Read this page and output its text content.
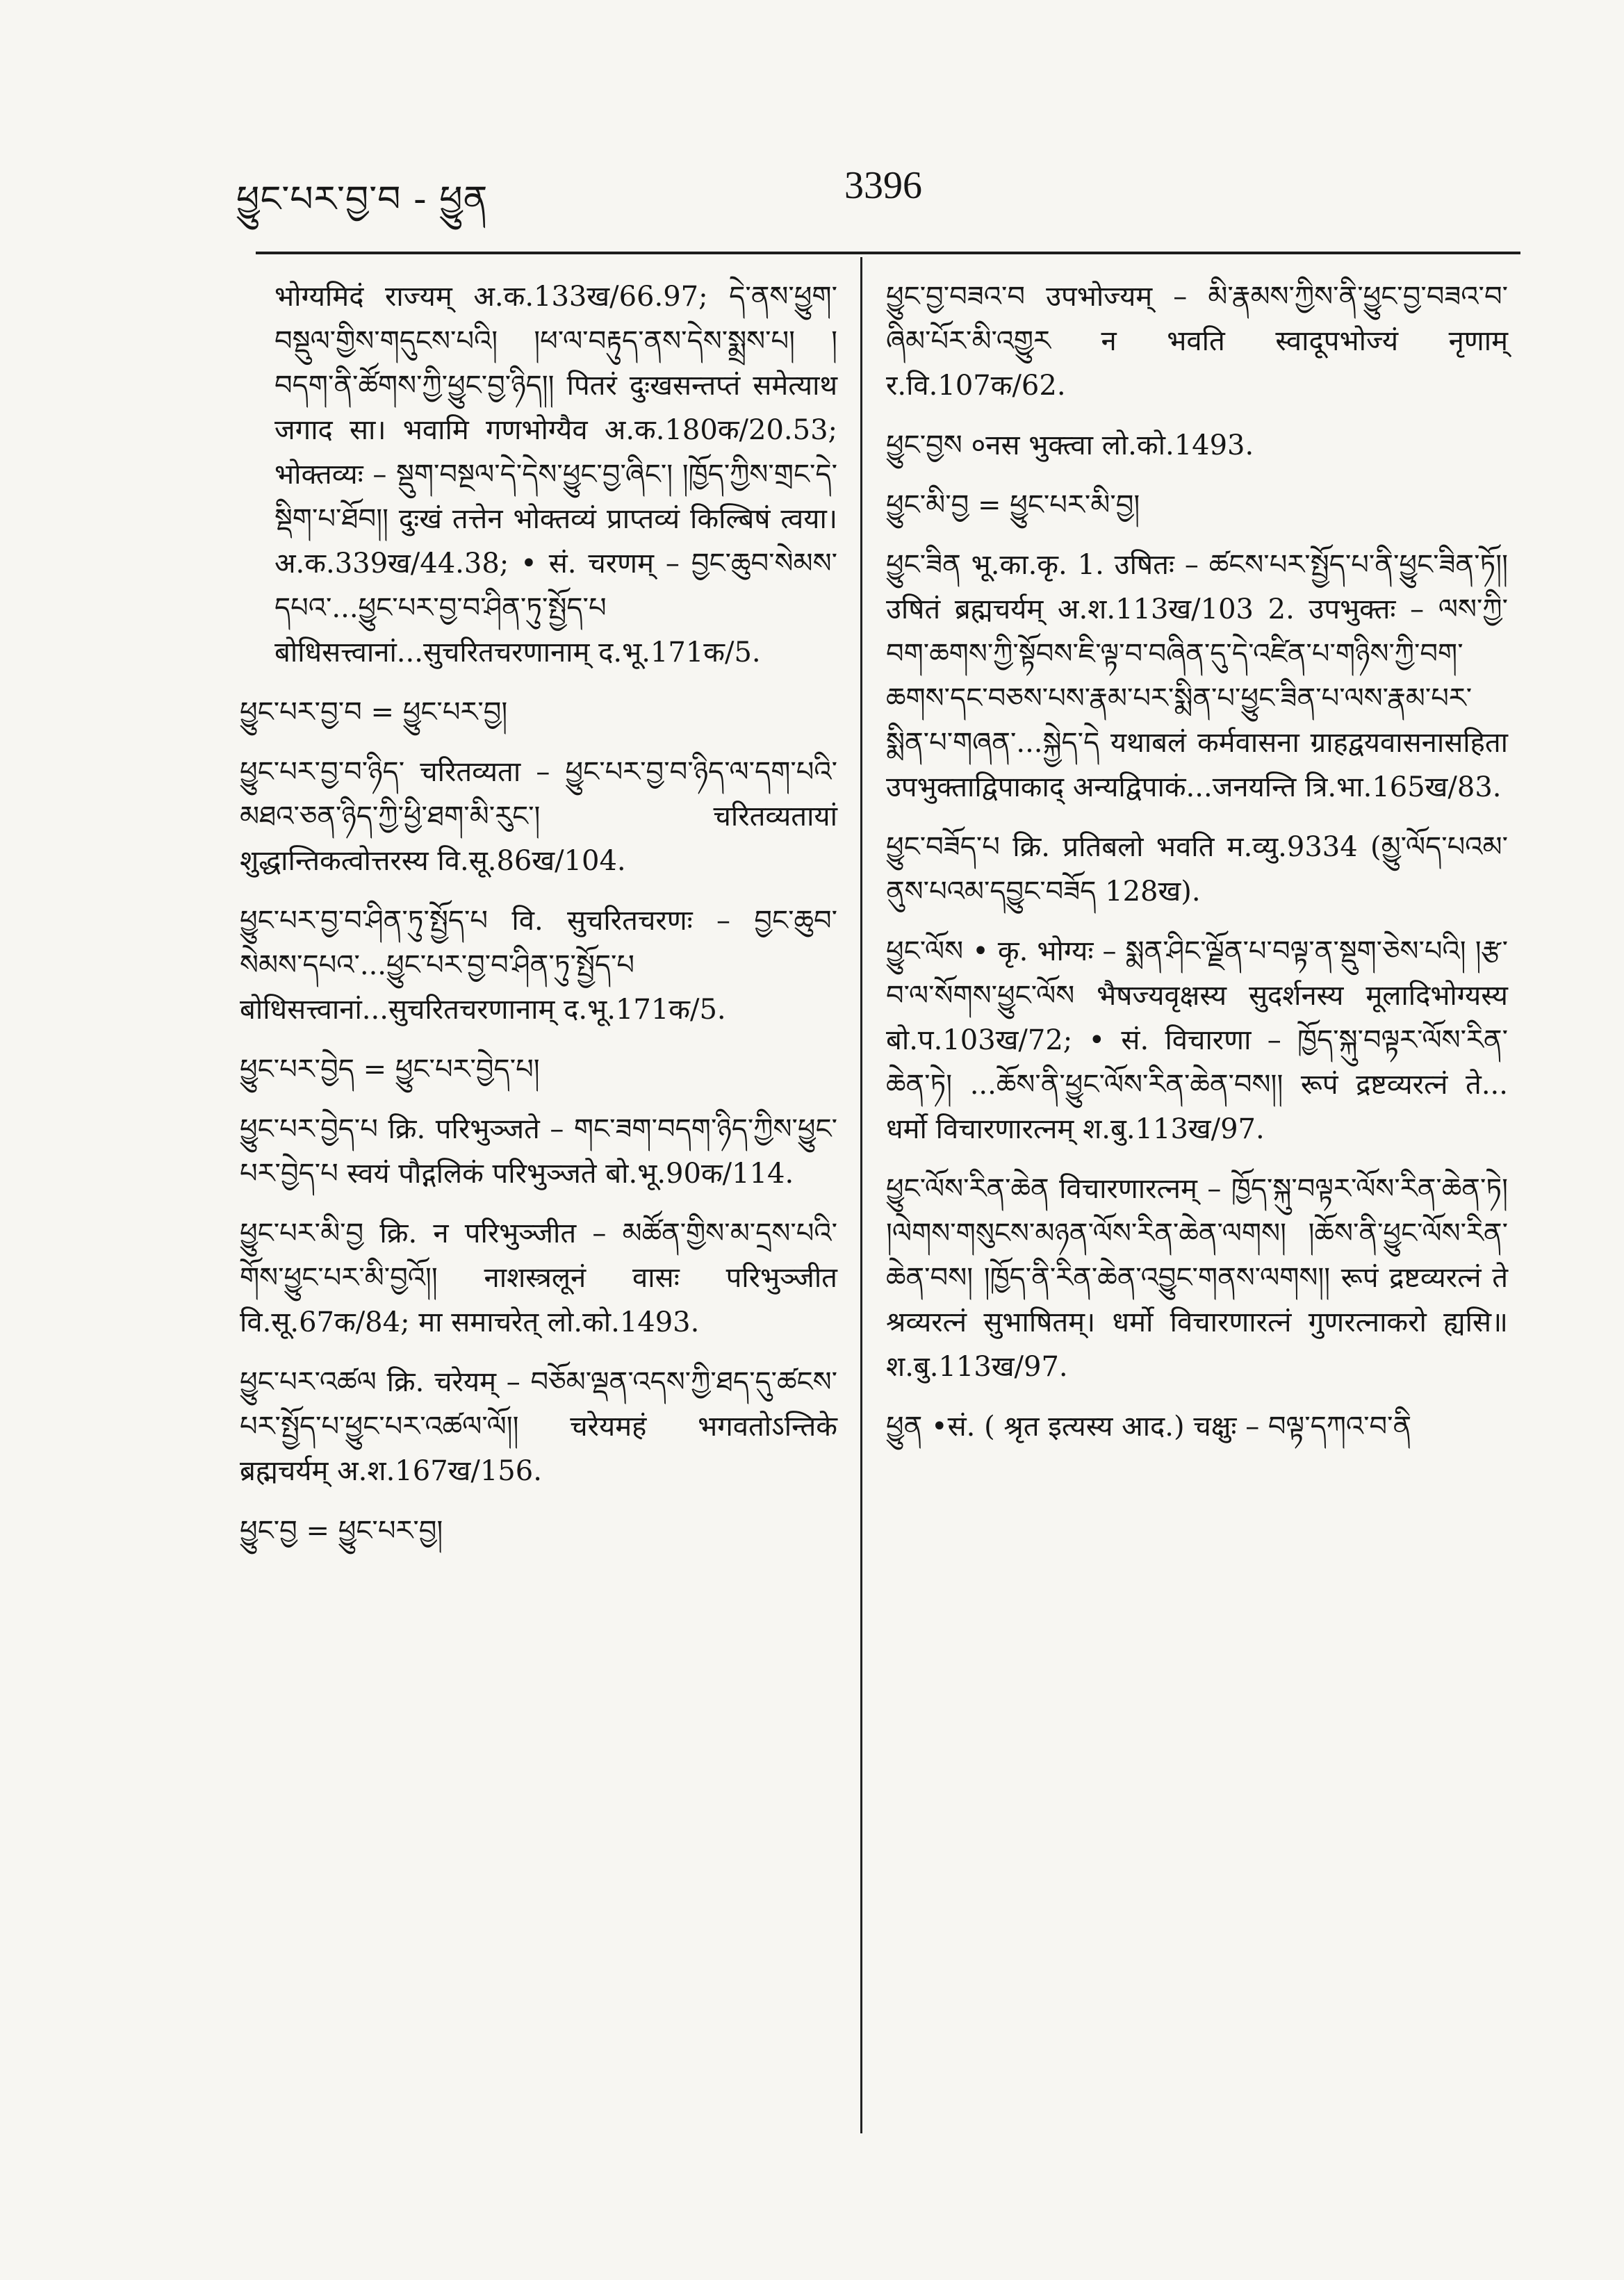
ཕྱུང་པར་བྱ་བ - ཕྱུན	3396
भोग्यमिदं राज्यम् अ.क.133ख/66.97; དེ་ནས་ཕྱུག་བསྡུལ་གྱིས་གདུངས་པའི། །ཕ་ལ་བརྟུད་ནས་དེས་སྨྲས་པ། །བདག་ནི་ཚོགས་ཀྱི་ཕྱུང་བྱ་ཉིད།། पितरं दुःखसन्तप्तं समेत्याथ जगाद सा। भवामि गणभोग्यैव अ.क.180क/20.53; भोक्तव्यः – སྡུག་བསྔལ་དེ་དེས་ཕྱུང་བྱ་ཞིང་། །ཁྱོད་ཀྱིས་གྲང་དེ་སྡིག་པ་ཐོབ།། दुःखं तत्तेन भोक्तव्यं प्राप्तव्यं किल्बिषं त्वया। अ.क.339ख/44.38; • सं. चरणम् – བྱང་ཆུབ་སེམས་དཔའ་...ཕྱུང་པར་བྱ་བ་ཤིན་ཏུ་སྤྱོད་པ बोधिसत्त्वानां...सुचरितचरणानाम् द.भू.171क/5.
ཕྱུང་པར་བྱ་བ = ཕྱུང་པར་བྱ།
ཕྱུང་པར་བྱ་བ་ཉིད་ चरितव्यता – ཕྱུང་པར་བྱ་བ་ཉིད་ལ་དག་པའི་མཐའ་ཅན་ཉིད་ཀྱི་ཕྱི་ཐག་མི་རུང་། चरितव्यतायां शुद्धान्तिकत्वोत्तरस्य वि.सू.86ख/104.
ཕྱུང་པར་བྱ་བ་ཤིན་ཏུ་སྤྱོད་པ वि. सुचरितचरणः – བྱང་ཆུབ་སེམས་དཔའ་...ཕྱུང་པར་བྱ་བ་ཤིན་ཏུ་སྤྱོད་པ बोधिसत्त्वानां...सुचरितचरणानाम् द.भू.171क/5.
ཕྱུང་པར་བྱེད = ཕྱུང་པར་བྱེད་པ།
ཕྱུང་པར་བྱེད་པ क्रि. परिभुञ्जते – གང་ཟག་བདག་ཉིད་ཀྱིས་ཕྱུང་པར་བྱེད་པ स्वयं पौद्गलिकं परिभुञ्जते बो.भू.90क/114.
ཕྱུང་པར་མི་བྱ क्रि. न परिभुञ्जीत – མཚོན་གྱིས་མ་དྲས་པའི་གོས་ཕྱུང་པར་མི་བྱའོ།། नाशस्त्रलूनं वासः परिभुञ्जीत वि.सू.67क/84; मा समाचरेत् लो.को.1493.
ཕྱུང་པར་འཚལ क्रि. चरेयम् – བཅོམ་ལྡན་འདས་ཀྱི་ཐད་དུ་ཚངས་པར་སྤྱོད་པ་ཕྱུང་པར་འཚལ་ལོ།། चरेयमहं भगवतोऽन्तिके ब्रह्मचर्यम् अ.श.167ख/156.
ཕྱུང་བྱ = ཕྱུང་པར་བྱ།
ཕྱུང་བྱ་བཟའ་བ उपभोज्यम् – མི་རྣམས་ཀྱིས་ནི་ཕྱུང་བྱ་བཟའ་བ་ཞིམ་པོར་མི་འགྱུར न भवति स्वादूपभोज्यं नृणाम् र.वि.107क/62.
ཕྱུང་བྱས ०नस भुक्त्वा लो.को.1493.
ཕྱུང་མི་བྱ = ཕྱུང་པར་མི་བྱ།
ཕྱུང་ཟིན भू.का.कृ. 1. उषितः – ཚངས་པར་སྤྱོད་པ་ནི་ཕྱུང་ཟིན་ཏོ།། उषितं ब्रह्मचर्यम् अ.श.113ख/103 2. उपभुक्तः – ལས་ཀྱི་བག་ཆགས་ཀྱི་སྟོབས་ཇི་ལྟ་བ་བཞིན་དུ་དེ་འཛིན་པ་གཉིས་ཀྱི་བག་ཆགས་དང་བཅས་པས་རྣམ་པར་སྨིན་པ་ཕྱུང་ཟིན་པ་ལས་རྣམ་པར་སྨིན་པ་གཞན་...སྐྱེད་དེ यथाबलं कर्मवासना ग्राहद्वयवासनासहिता उपभुक्ताद्विपाकाद् अन्यद्विपाकं...जनयन्ति त्रि.भा.165ख/83.
ཕྱུང་བཟོད་པ क्रि. प्रतिबलो भवति म.व्यु.9334 (མྱུ་ལོད་པའམ་ནུས་པའམ་དབྱུང་བཟོད 128ख).
ཕྱུང་ལོས • कृ. भोग्यः – སྨན་ཤིང་ལྗོན་པ་བལྟ་ན་སྡུག་ཅེས་པའི། །རྩ་བ་ལ་སོགས་ཕྱུང་ལོས भैषज्यवृक्षस्य सुदर्शनस्य मूलादिभोग्यस्य बो.प.103ख/72; • सं. विचारणा – ཁྱོད་སྐུ་བལྟར་ལོས་རིན་ཆེན་ཏེ། ...ཆོས་ནི་ཕྱུང་ལོས་རིན་ཆེན་བས།། रूपं द्रष्टव्यरत्नं ते... धर्मो विचारणारत्नम् श.बु.113ख/97.
ཕྱུང་ལོས་རིན་ཆེན विचारणारत्नम् – ཁྱོད་སྐུ་བལྟར་ལོས་རིན་ཆེན་ཏེ། །ལེགས་གསུངས་མཉན་ལོས་རིན་ཆེན་ལགས། །ཆོས་ནི་ཕྱུང་ལོས་རིན་ཆེན་བས། །ཁྱོད་ནི་རིན་ཆེན་འབྱུང་གནས་ལགས།། रूपं द्रष्टव्यरत्नं ते श्रव्यरत्नं सुभाषितम्। धर्मो विचारणारत्नं गुणरत्नाकरो ह्यसि॥ श.बु.113ख/97.
ཕྱུན •सं. ( श्रृत इत्यस्य आद.) चक्षुः – བལྟ་དཀའ་བ་ནི
